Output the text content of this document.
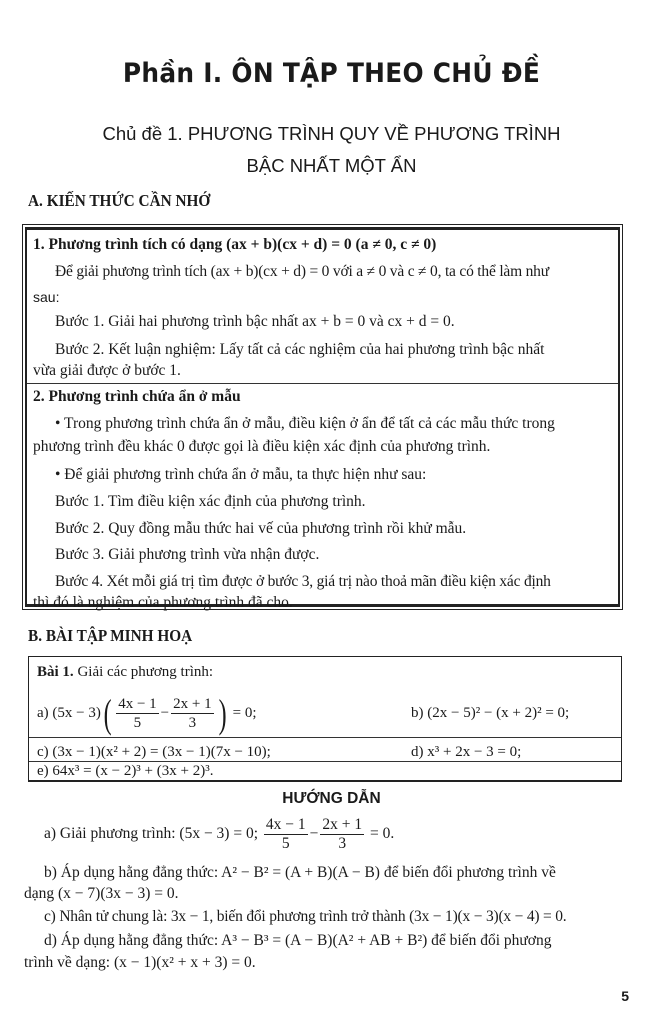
Phần I. ÔN TẬP THEO CHỦ ĐỀ
Chủ đề 1. PHƯƠNG TRÌNH QUY VỀ PHƯƠNG TRÌNH
BẬC NHẤT MỘT ẨN
A. KIẾN THỨC CẦN NHỚ
1. Phương trình tích có dạng (ax + b)(cx + d) = 0 (a ≠ 0, c ≠ 0)
Để giải phương trình tích (ax + b)(cx + d) = 0 với a ≠ 0 và c ≠ 0, ta có thể làm như
sau:
Bước 1. Giải hai phương trình bậc nhất ax + b = 0 và cx + d = 0.
Bước 2. Kết luận nghiệm: Lấy tất cả các nghiệm của hai phương trình bậc nhất
vừa giải được ở bước 1.
2. Phương trình chứa ẩn ở mẫu
• Trong phương trình chứa ẩn ở mẫu, điều kiện ở ẩn để tất cả các mẫu thức trong
phương trình đều khác 0 được gọi là điều kiện xác định của phương trình.
• Để giải phương trình chứa ẩn ở mẫu, ta thực hiện như sau:
Bước 1. Tìm điều kiện xác định của phương trình.
Bước 2. Quy đồng mẫu thức hai vế của phương trình rồi khử mẫu.
Bước 3. Giải phương trình vừa nhận được.
Bước 4. Xét mỗi giá trị tìm được ở bước 3, giá trị nào thoả mãn điều kiện xác định
thì đó là nghiệm của phương trình đã cho.
B. BÀI TẬP MINH HOẠ
Bài 1. Giải các phương trình:
a) $(5x - 3)( \frac{4x - 1}{5} - \frac{2x + 1}{3}$ ) = 0;	b) (2x − 5)² − (x + 2)² = 0;
c) (3x − 1)(x² + 2) = (3x − 1)(7x − 10);	d) x³ + 2x − 3 = 0;
e) 64x³ = (x − 2)³ + (3x + 2)³.
HƯỚNG DẪN
a) Giải phương trình: (5x − 3) = 0; $\frac{4x - 1}{5} - \frac{2x + 1}{3} = 0$.
b) Áp dụng hằng đẳng thức: A² − B² = (A + B)(A − B) để biến đổi phương trình về
dạng (x − 7)(3x − 3) = 0.
c) Nhân tử chung là: 3x − 1, biến đổi phương trình trở thành (3x − 1)(x − 3)(x − 4) = 0.
d) Áp dụng hằng đẳng thức: A³ − B³ = (A − B)(A² + AB + B²) để biến đổi phương
trình về dạng: (x − 1)(x² + x + 3) = 0.
5
